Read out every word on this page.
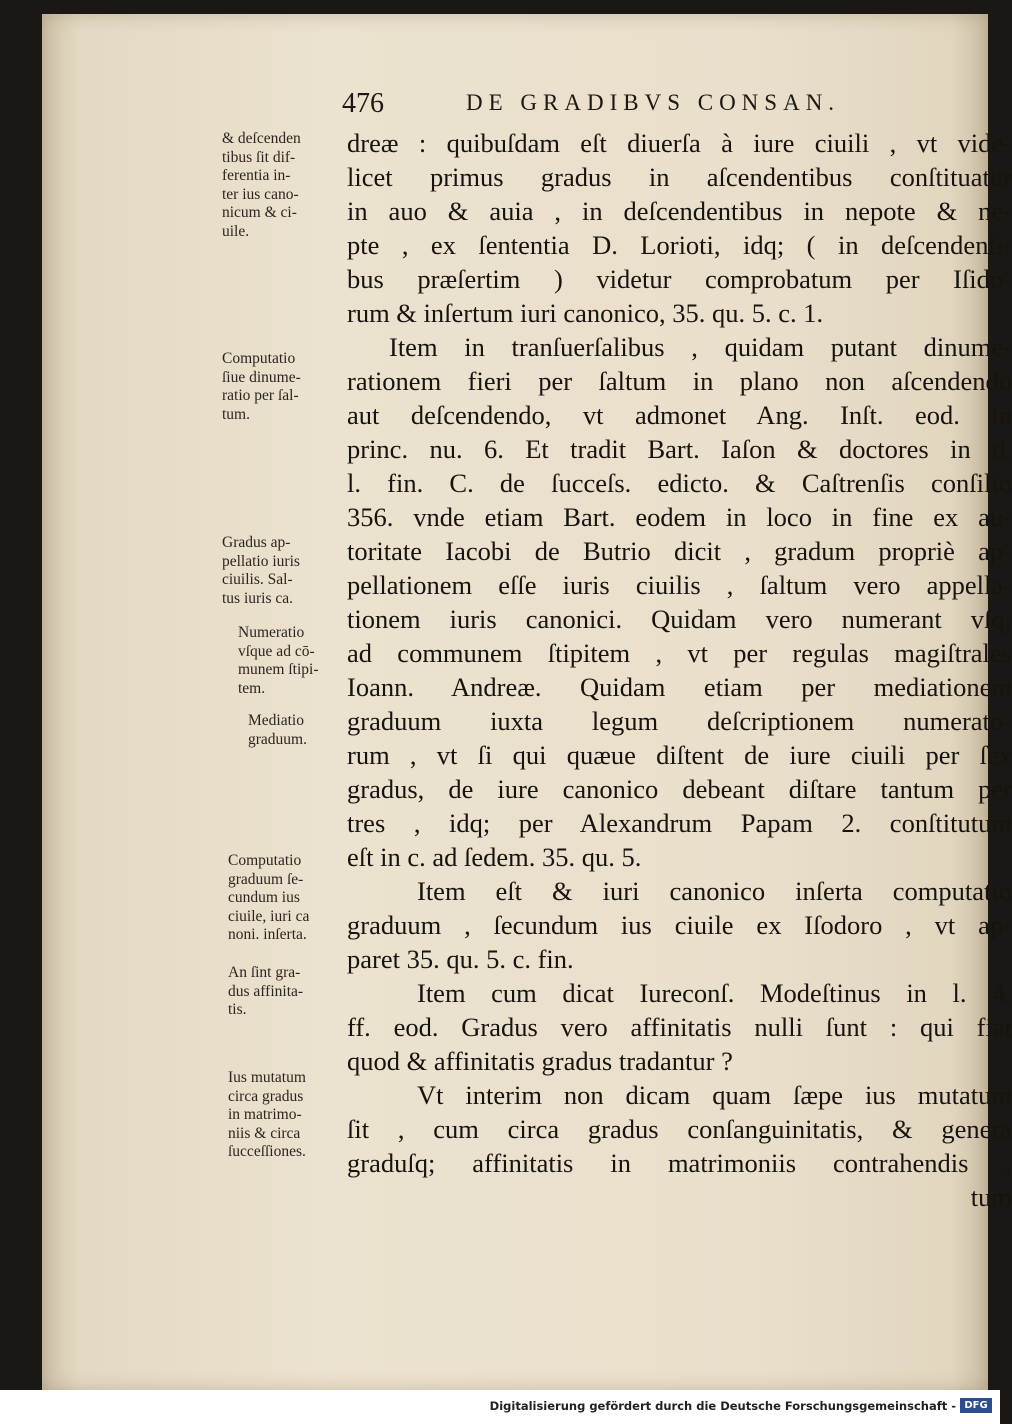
476	DE GRADIBVS CONSAN.
& deſcenden
tibus ſit dif-
ferentia in-
ter ius cano-
nicum & ci-
uile.
Computatio
ſiue dinume-
ratio per ſal-
tum.
Gradus ap-
pellatio iuris
ciuilis. Sal-
tus iuris ca.
Numeratio
vſque ad cō-
munem ſtipi-
tem.
Mediatio
graduum.
Computatio
graduum ſe-
cundum ius
ciuile, iuri ca
noni. inſerta.
An ſint gra-
dus affinita-
tis.
Ius mutatum
circa gradus
in matrimo-
niis & circa
ſucceſſiones.
dreæ : quibuſdam eſt diuerſa à iure ciuili , vt vide-
licet primus gradus in aſcendentibus conſtituatur
in auo & auia , in deſcendentibus in nepote & ne-
pte , ex ſententia D. Lorioti, idq; ( in deſcendenti-
bus præſertim ) videtur comprobatum per Iſido-
rum & inſertum iuri canonico, 35. qu. 5. c. 1.
Item in tranſuerſalibus , quidam putant dinume-
rationem fieri per ſaltum in plano non aſcendendo
aut deſcendendo, vt admonet Ang. Inſt. eod. in
princ. nu. 6. Et tradit Bart. Iaſon & doctores in d.
l. fin. C. de ſucceſs. edicto. & Caſtrenſis conſilio
356. vnde etiam Bart. eodem in loco in fine ex au-
toritate Iacobi de Butrio dicit , gradum propriè ap-
pellationem eſſe iuris ciuilis , ſaltum vero appella-
tionem iuris canonici. Quidam vero numerant vſq;
ad communem ſtipitem , vt per regulas magiſtrales
Ioann. Andreæ. Quidam etiam per mediationem
graduum iuxta legum deſcriptionem numerato-
rum , vt ſi qui quæue diſtent de iure ciuili per ſex
gradus, de iure canonico debeant diſtare tantum per
tres , idq; per Alexandrum Papam 2. conſtitutum
eſt in c. ad ſedem. 35. qu. 5.
Item eſt & iuri canonico inſerta computatio
graduum , ſecundum ius ciuile ex Iſodoro , vt ap-
paret 35. qu. 5. c. fin.
Item cum dicat Iureconſ. Modeſtinus in l. 4.
ff. eod. Gradus vero affinitatis nulli ſunt : qui fiat
quod & affinitatis gradus tradantur ?
Vt interim non dicam quam ſæpe ius mutatum
ſit , cum circa gradus conſanguinitatis, & genera
graduſq; affinitatis in matrimoniis contrahendis ,
tum
Digitalisierung gefördert durch die Deutsche Forschungsgemeinschaft - DFG
